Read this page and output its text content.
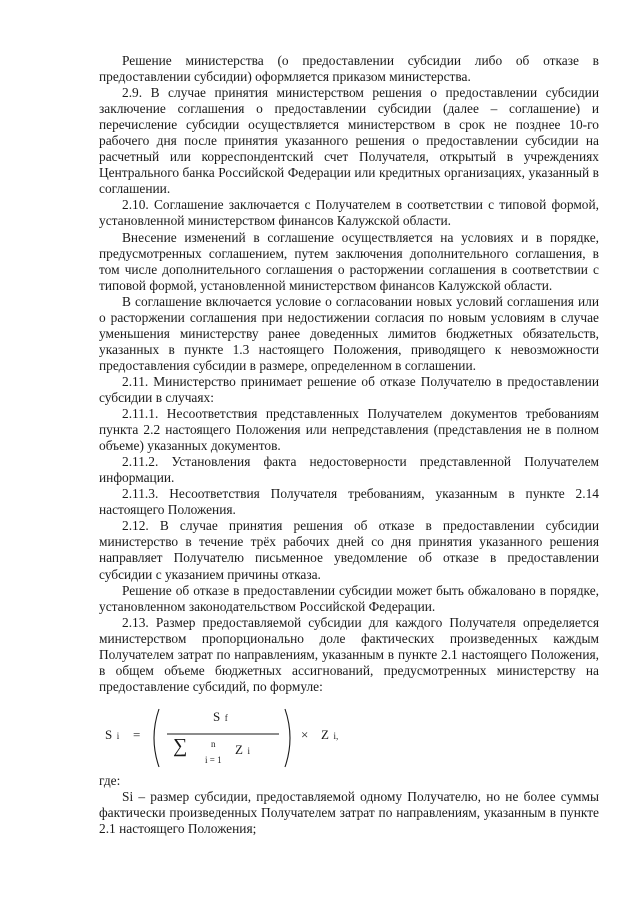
Решение министерства (о предоставлении субсидии либо об отказе в предоставлении субсидии) оформляется приказом министерства.

2.9. В случае принятия министерством решения о предоставлении субсидии заключение соглашения о предоставлении субсидии (далее – соглашение) и перечисление субсидии осуществляется министерством в срок не позднее 10-го рабочего дня после принятия указанного решения о предоставлении субсидии на расчетный или корреспондентский счет Получателя, открытый в учреждениях Центрального банка Российской Федерации или кредитных организациях, указанный в соглашении.

2.10. Соглашение заключается с Получателем в соответствии с типовой формой, установленной министерством финансов Калужской области.

Внесение изменений в соглашение осуществляется на условиях и в порядке, предусмотренных соглашением, путем заключения дополнительного соглашения, в том числе дополнительного соглашения о расторжении соглашения в соответствии с типовой формой, установленной министерством финансов Калужской области.

В соглашение включается условие о согласовании новых условий соглашения или о расторжении соглашения при недостижении согласия по новым условиям в случае уменьшения министерству ранее доведенных лимитов бюджетных обязательств, указанных в пункте 1.3 настоящего Положения, приводящего к невозможности предоставления субсидии в размере, определенном в соглашении.

2.11. Министерство принимает решение об отказе Получателю в предоставлении субсидии в случаях:

2.11.1. Несоответствия представленных Получателем документов требованиям пункта 2.2 настоящего Положения или непредставления (представления не в полном объеме) указанных документов.

2.11.2. Установления факта недостоверности представленной Получателем информации.

2.11.3. Несоответствия Получателя требованиям, указанным в пункте 2.14 настоящего Положения.

2.12. В случае принятия решения об отказе в предоставлении субсидии министерство в течение трёх рабочих дней со дня принятия указанного решения направляет Получателю письменное уведомление об отказе в предоставлении субсидии с указанием причины отказа.

Решение об отказе в предоставлении субсидии может быть обжаловано в порядке, установленном законодательством Российской Федерации.

2.13. Размер предоставляемой субсидии для каждого Получателя определяется министерством пропорционально доле фактических произведенных каждым Получателем затрат по направлениям, указанным в пункте 2.1 настоящего Положения, в общем объеме бюджетных ассигнований, предусмотренных министерству на предоставление субсидий, по формуле:

S i =
S f
∑	n
i = 1
Z i
× Z i,

где:

Si – размер субсидии, предоставляемой одному Получателю, но не более суммы фактически произведенных Получателем затрат по направлениям, указанным в пункте 2.1 настоящего Положения;
